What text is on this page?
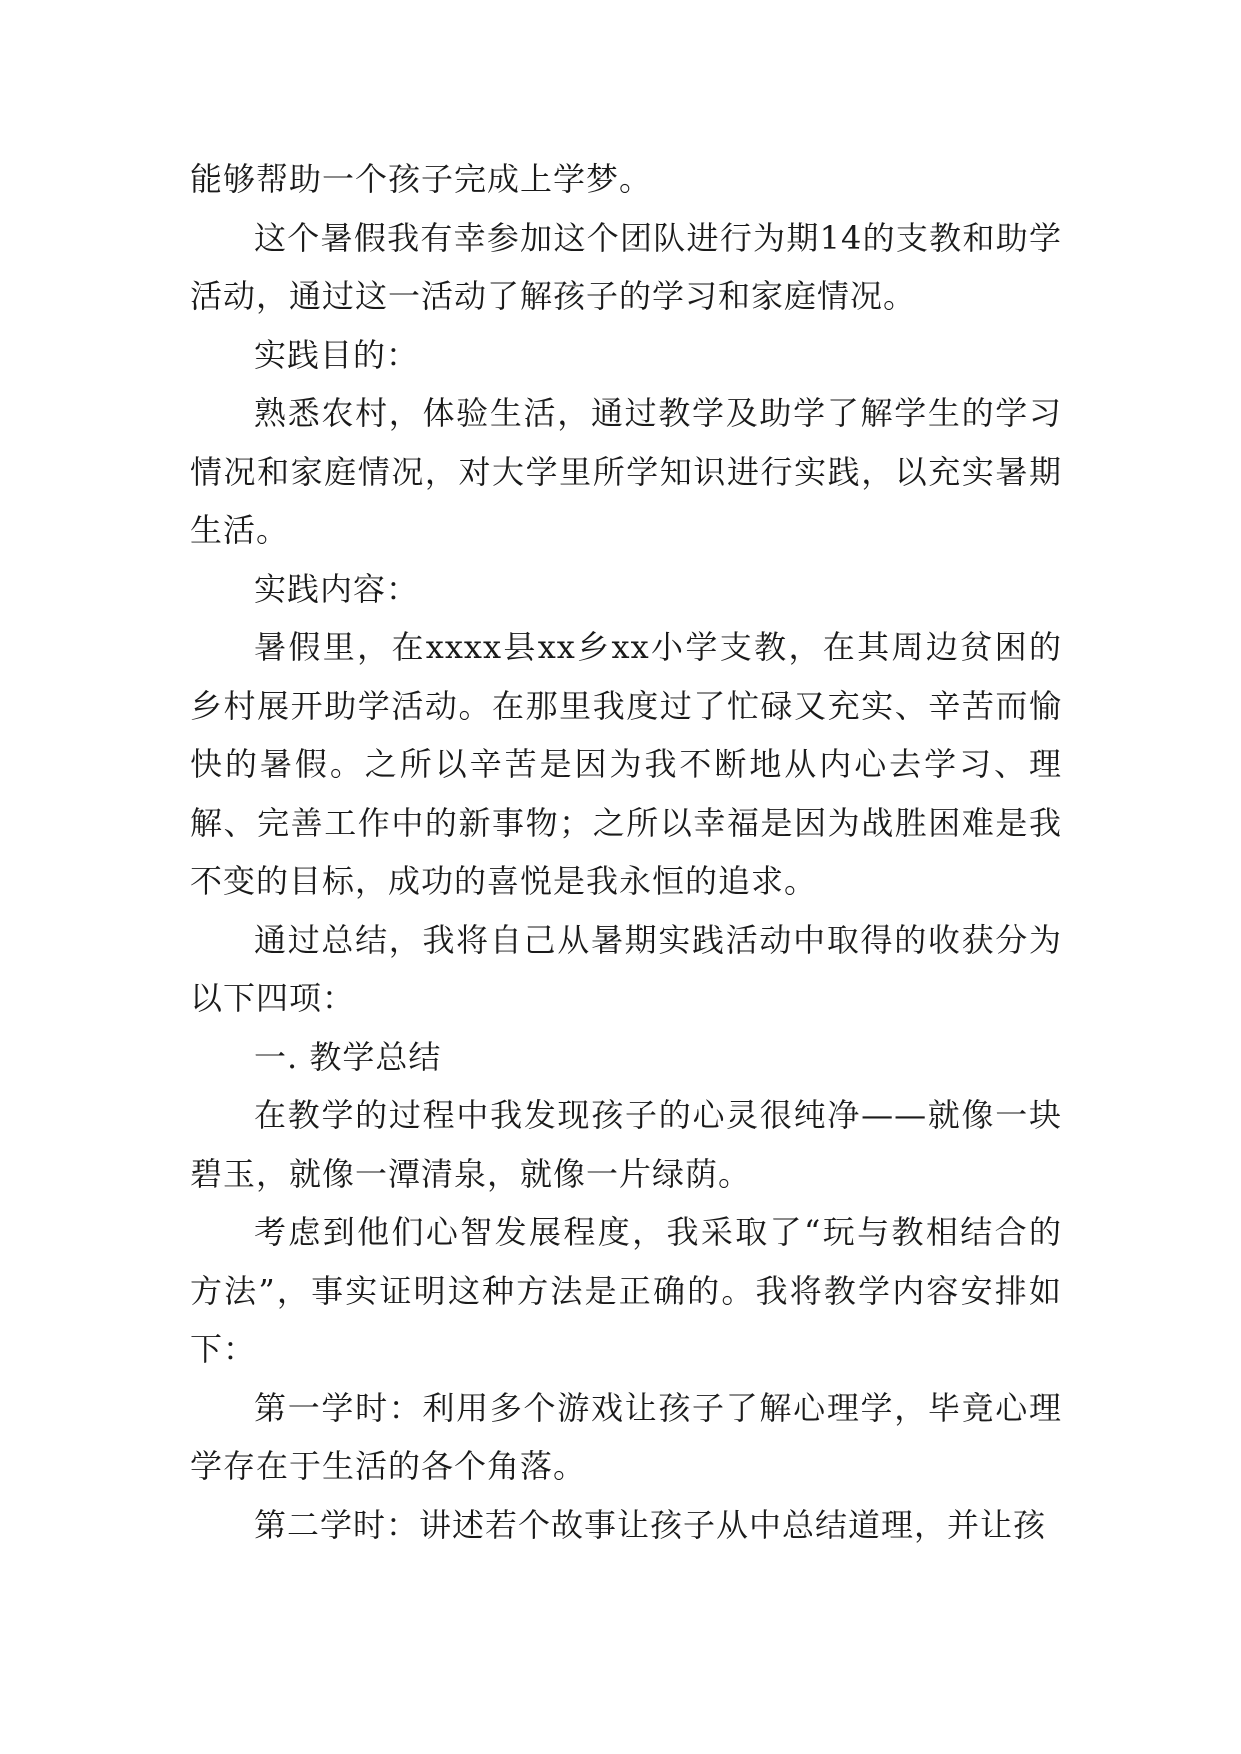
能够帮助一个孩子完成上学梦。

这个暑假我有幸参加这个团队进行为期14的支教和助学活动，通过这一活动了解孩子的学习和家庭情况。

实践目的：

熟悉农村，体验生活，通过教学及助学了解学生的学习情况和家庭情况，对大学里所学知识进行实践，以充实暑期生活。

实践内容：

暑假里，在xxxx县xx乡xx小学支教，在其周边贫困的乡村展开助学活动。在那里我度过了忙碌又充实、辛苦而愉快的暑假。之所以辛苦是因为我不断地从内心去学习、理解、完善工作中的新事物；之所以幸福是因为战胜困难是我不变的目标，成功的喜悦是我永恒的追求。

通过总结，我将自己从暑期实践活动中取得的收获分为以下四项：

一. 教学总结

在教学的过程中我发现孩子的心灵很纯净——就像一块碧玉，就像一潭清泉，就像一片绿荫。

考虑到他们心智发展程度，我采取了“玩与教相结合的方法”，事实证明这种方法是正确的。我将教学内容安排如下：

第一学时：利用多个游戏让孩子了解心理学，毕竟心理学存在于生活的各个角落。

第二学时：讲述若个故事让孩子从中总结道理，并让孩
